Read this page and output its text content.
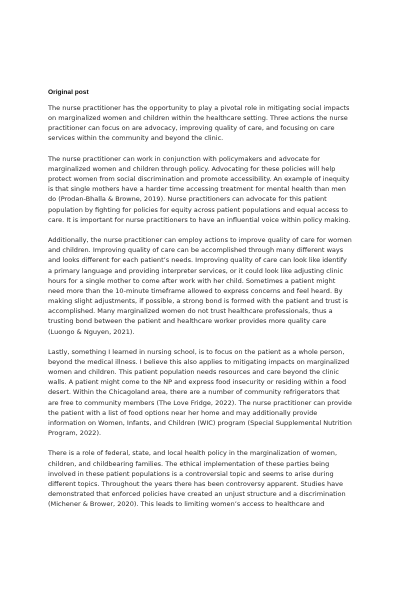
Original post

The nurse practitioner has the opportunity to play a pivotal role in mitigating social impacts on marginalized women and children within the healthcare setting. Three actions the nurse practitioner can focus on are advocacy, improving quality of care, and focusing on care services within the community and beyond the clinic.

The nurse practitioner can work in conjunction with policymakers and advocate for marginalized women and children through policy. Advocating for these policies will help protect women from social discrimination and promote accessibility. An example of inequity is that single mothers have a harder time accessing treatment for mental health than men do (Prodan-Bhalla & Browne, 2019). Nurse practitioners can advocate for this patient population by fighting for policies for equity across patient populations and equal access to care. It is important for nurse practitioners to have an influential voice within policy making.

Additionally, the nurse practitioner can employ actions to improve quality of care for women and children. Improving quality of care can be accomplished through many different ways and looks different for each patient’s needs. Improving quality of care can look like identify a primary language and providing interpreter services, or it could look like adjusting clinic hours for a single mother to come after work with her child. Sometimes a patient might need more than the 10-minute timeframe allowed to express concerns and feel heard. By making slight adjustments, if possible, a strong bond is formed with the patient and trust is accomplished. Many marginalized women do not trust healthcare professionals, thus a trusting bond between the patient and healthcare worker provides more quality care (Luongo & Nguyen, 2021).

Lastly, something I learned in nursing school, is to focus on the patient as a whole person, beyond the medical illness. I believe this also applies to mitigating impacts on marginalized women and children. This patient population needs resources and care beyond the clinic walls. A patient might come to the NP and express food insecurity or residing within a food desert. Within the Chicagoland area, there are a number of community refrigerators that are free to community members (The Love Fridge, 2022). The nurse practitioner can provide the patient with a list of food options near her home and may additionally provide information on Women, Infants, and Children (WIC) program (Special Supplemental Nutrition Program, 2022).

There is a role of federal, state, and local health policy in the marginalization of women, children, and childbearing families. The ethical implementation of these parties being involved in these patient populations is a controversial topic and seems to arise during different topics. Throughout the years there has been controversy apparent. Studies have demonstrated that enforced policies have created an unjust structure and a discrimination (Michener & Brower, 2020). This leads to limiting women’s access to healthcare and
